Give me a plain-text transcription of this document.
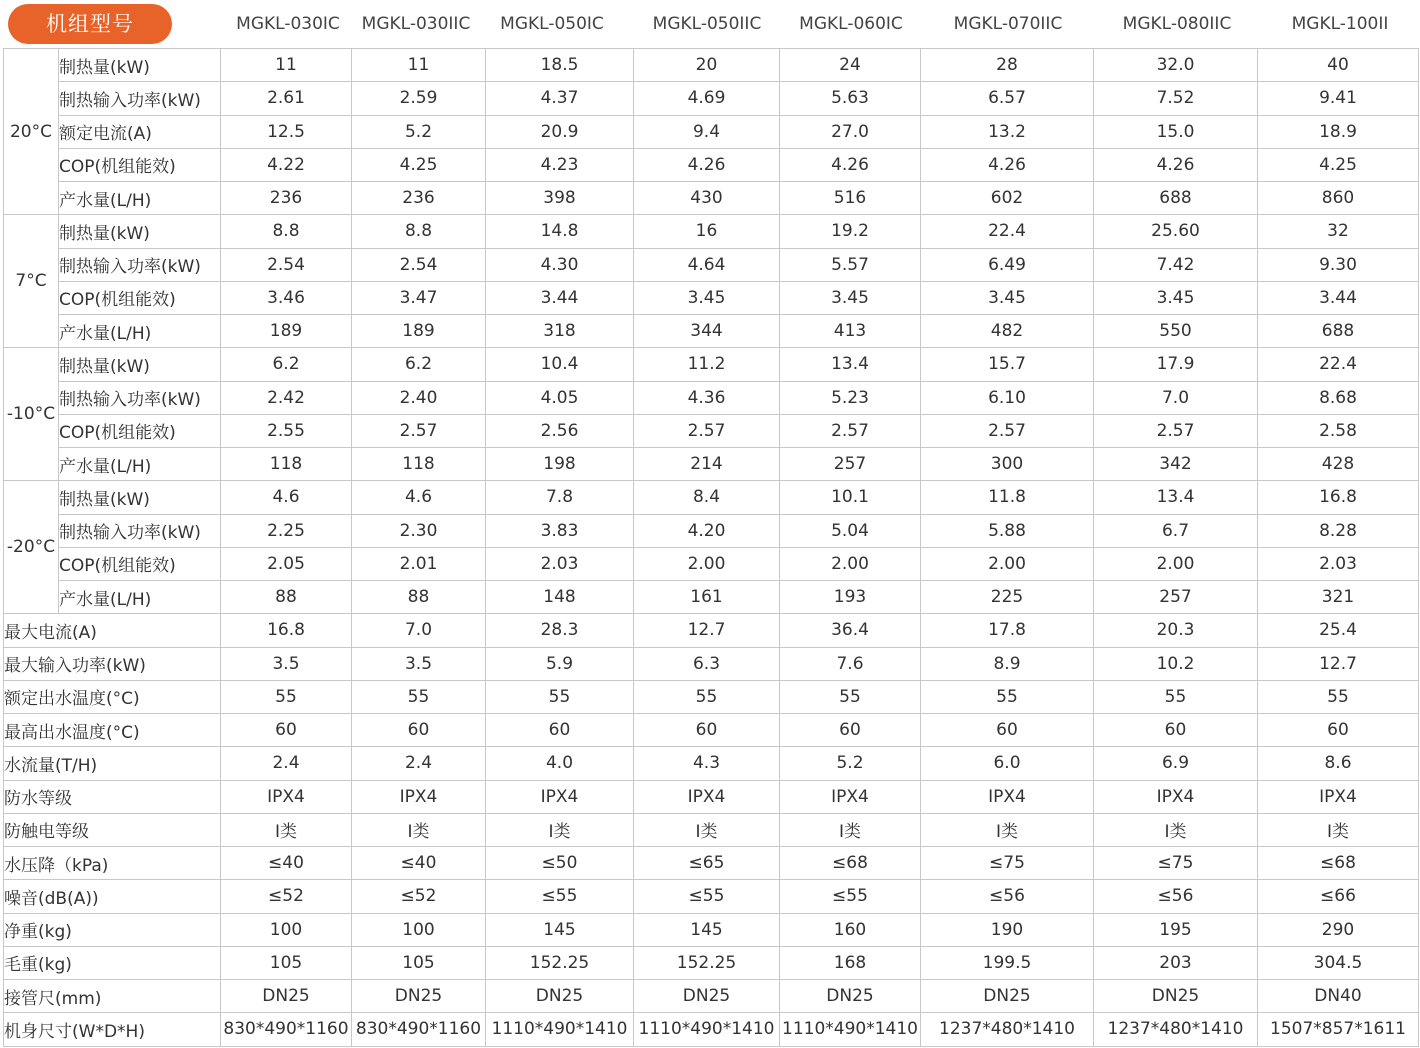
机组型号	MGKL-030IC	MGKL-030IIC	MGKL-050IC	MGKL-050IIC	MGKL-060IC	MGKL-070IIC	MGKL-080IIC	MGKL-100II
20°C	制热量(kW)	11	11	18.5	20	24	28	32.0	40
	制热输入功率(kW)	2.61	2.59	4.37	4.69	5.63	6.57	7.52	9.41
	额定电流(A)	12.5	5.2	20.9	9.4	27.0	13.2	15.0	18.9
	COP(机组能效)	4.22	4.25	4.23	4.26	4.26	4.26	4.26	4.25
	产水量(L/H)	236	236	398	430	516	602	688	860
7°C	制热量(kW)	8.8	8.8	14.8	16	19.2	22.4	25.60	32
	制热输入功率(kW)	2.54	2.54	4.30	4.64	5.57	6.49	7.42	9.30
	COP(机组能效)	3.46	3.47	3.44	3.45	3.45	3.45	3.45	3.44
	产水量(L/H)	189	189	318	344	413	482	550	688
-10°C	制热量(kW)	6.2	6.2	10.4	11.2	13.4	15.7	17.9	22.4
	制热输入功率(kW)	2.42	2.40	4.05	4.36	5.23	6.10	7.0	8.68
	COP(机组能效)	2.55	2.57	2.56	2.57	2.57	2.57	2.57	2.58
	产水量(L/H)	118	118	198	214	257	300	342	428
-20°C	制热量(kW)	4.6	4.6	7.8	8.4	10.1	11.8	13.4	16.8
	制热输入功率(kW)	2.25	2.30	3.83	4.20	5.04	5.88	6.7	8.28
	COP(机组能效)	2.05	2.01	2.03	2.00	2.00	2.00	2.00	2.03
	产水量(L/H)	88	88	148	161	193	225	257	321
最大电流(A)		16.8	7.0	28.3	12.7	36.4	17.8	20.3	25.4
最大输入功率(kW)		3.5	3.5	5.9	6.3	7.6	8.9	10.2	12.7
额定出水温度(°C)		55	55	55	55	55	55	55	55
最高出水温度(°C)		60	60	60	60	60	60	60	60
水流量(T/H)		2.4	2.4	4.0	4.3	5.2	6.0	6.9	8.6
防水等级		IPX4	IPX4	IPX4	IPX4	IPX4	IPX4	IPX4	IPX4
防触电等级		I类	I类	I类	I类	I类	I类	I类	I类
水压降（kPa)		≤40	≤40	≤50	≤65	≤68	≤75	≤75	≤68
噪音(dB(A))		≤52	≤52	≤55	≤55	≤55	≤56	≤56	≤66
净重(kg)		100	100	145	145	160	190	195	290
毛重(kg)		105	105	152.25	152.25	168	199.5	203	304.5
接管尺(mm)		DN25	DN25	DN25	DN25	DN25	DN25	DN25	DN40
机身尺寸(W*D*H)		830*490*1160	830*490*1160	1110*490*1410	1110*490*1410	1110*490*1410	1237*480*1410	1237*480*1410	1507*857*1611
